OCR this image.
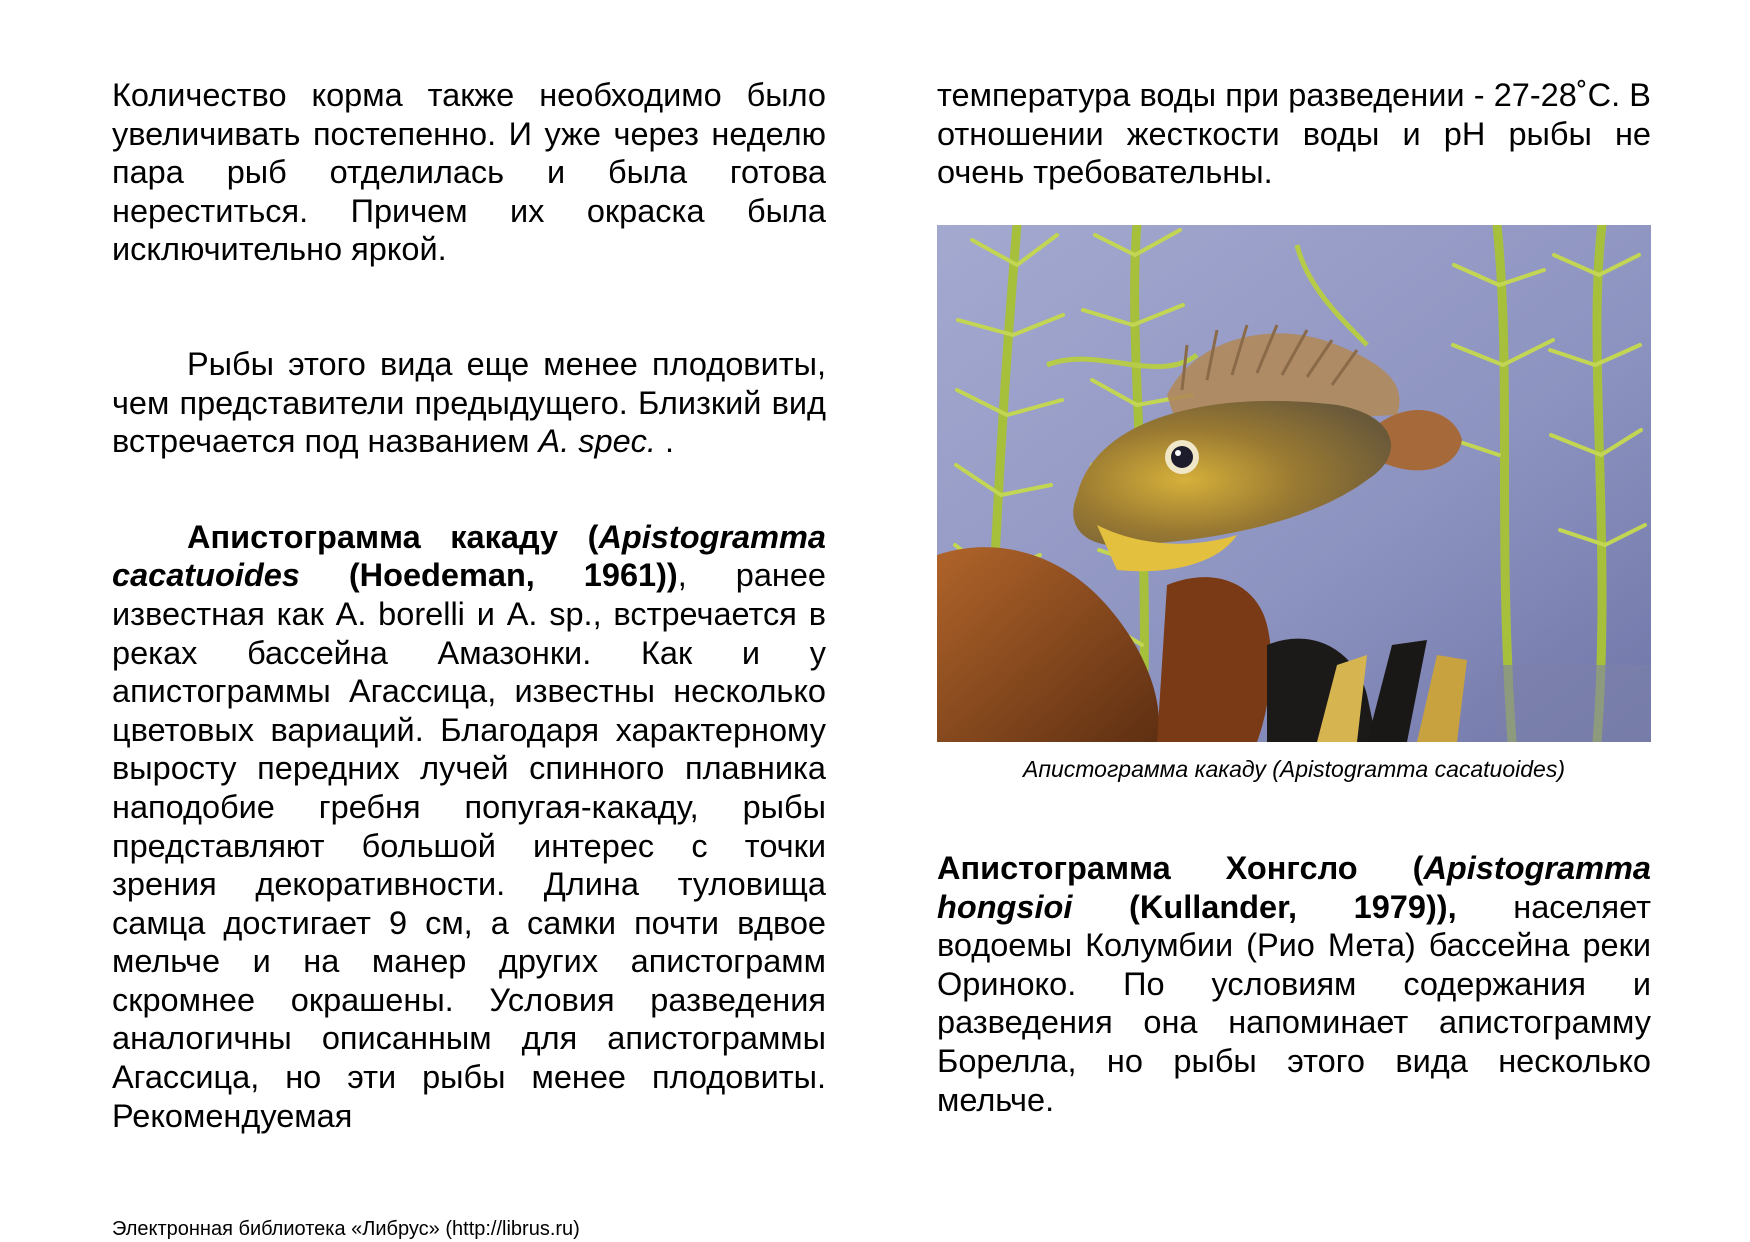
Количество корма также необходимо было увеличивать постепенно. И уже через неделю пара рыб отделилась и была готова нереститься. Причем их окраска была исключительно яркой.

Рыбы этого вида еще менее плодовиты, чем представители предыдущего. Близкий вид встречается под названием A. spec. .

Апистограмма какаду (Apistogramma cacatuoides (Hoedeman, 1961)), ранее известная как A. borelli и A. sp., встречается в реках бассейна Амазонки. Как и у апистограммы Агассица, известны несколько цветовых вариаций. Благодаря характерному выросту передних лучей спинного плавника наподобие гребня попугая-какаду, рыбы представляют большой интерес с точки зрения декоративности. Длина туловища самца достигает 9 см, а самки почти вдвое мельче и на манер других апистограмм скромнее окрашены. Условия разведения аналогичны описанным для апистограммы Агассица, но эти рыбы менее плодовиты. Рекомендуемая

температура воды при разведении - 27-28˚С. В отношении жесткости воды и pH рыбы не очень требовательны.

Апистограмма какаду (Apistogramma cacatuoides)

Апистограмма Хонгсло (Apistogramma hongsioi (Kullander, 1979)), населяет водоемы Колумбии (Рио Мета) бассейна реки Ориноко. По условиям содержания и разведения она напоминает апистограмму Борелла, но рыбы этого вида несколько мельче.

Электронная библиотека «Либрус» (http://librus.ru)
